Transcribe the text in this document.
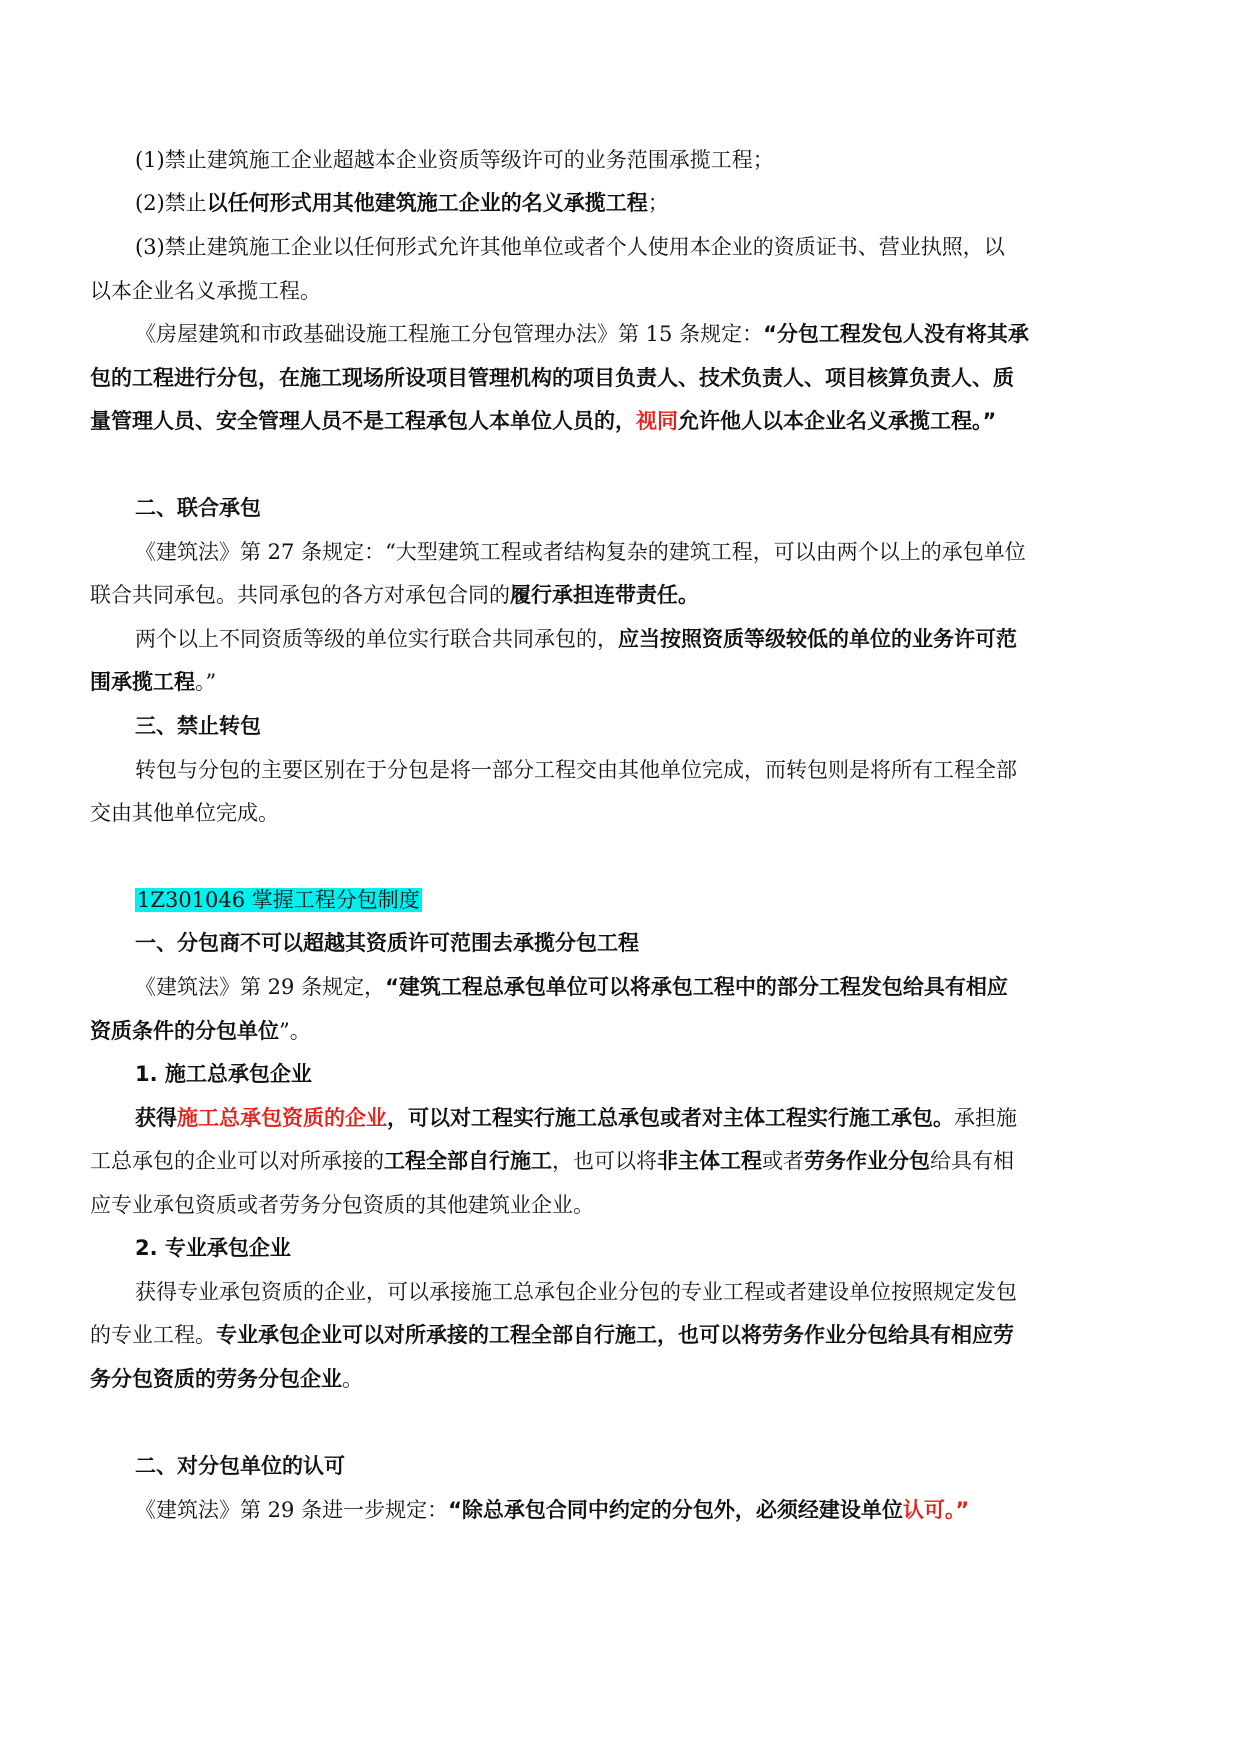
(1)禁止建筑施工企业超越本企业资质等级许可的业务范围承揽工程；
(2)禁止以任何形式用其他建筑施工企业的名义承揽工程；
(3)禁止建筑施工企业以任何形式允许其他单位或者个人使用本企业的资质证书、营业执照，以
以本企业名义承揽工程。
《房屋建筑和市政基础设施工程施工分包管理办法》第 15 条规定：“分包工程发包人没有将其承
包的工程进行分包，在施工现场所设项目管理机构的项目负责人、技术负责人、项目核算负责人、质
量管理人员、安全管理人员不是工程承包人本单位人员的，视同允许他人以本企业名义承揽工程。”
二、联合承包
《建筑法》第 27 条规定：“大型建筑工程或者结构复杂的建筑工程，可以由两个以上的承包单位
联合共同承包。共同承包的各方对承包合同的履行承担连带责任。
两个以上不同资质等级的单位实行联合共同承包的，应当按照资质等级较低的单位的业务许可范
围承揽工程。”
三、禁止转包
转包与分包的主要区别在于分包是将一部分工程交由其他单位完成，而转包则是将所有工程全部
交由其他单位完成。
1Z301046 掌握工程分包制度
一、分包商不可以超越其资质许可范围去承揽分包工程
《建筑法》第 29 条规定，“建筑工程总承包单位可以将承包工程中的部分工程发包给具有相应
资质条件的分包单位”。
1. 施工总承包企业
获得施工总承包资质的企业，可以对工程实行施工总承包或者对主体工程实行施工承包。承担施
工总承包的企业可以对所承接的工程全部自行施工，也可以将非主体工程或者劳务作业分包给具有相
应专业承包资质或者劳务分包资质的其他建筑业企业。
2. 专业承包企业
获得专业承包资质的企业，可以承接施工总承包企业分包的专业工程或者建设单位按照规定发包
的专业工程。专业承包企业可以对所承接的工程全部自行施工，也可以将劳务作业分包给具有相应劳
务分包资质的劳务分包企业。
二、对分包单位的认可
《建筑法》第 29 条进一步规定：“除总承包合同中约定的分包外，必须经建设单位认可。”
